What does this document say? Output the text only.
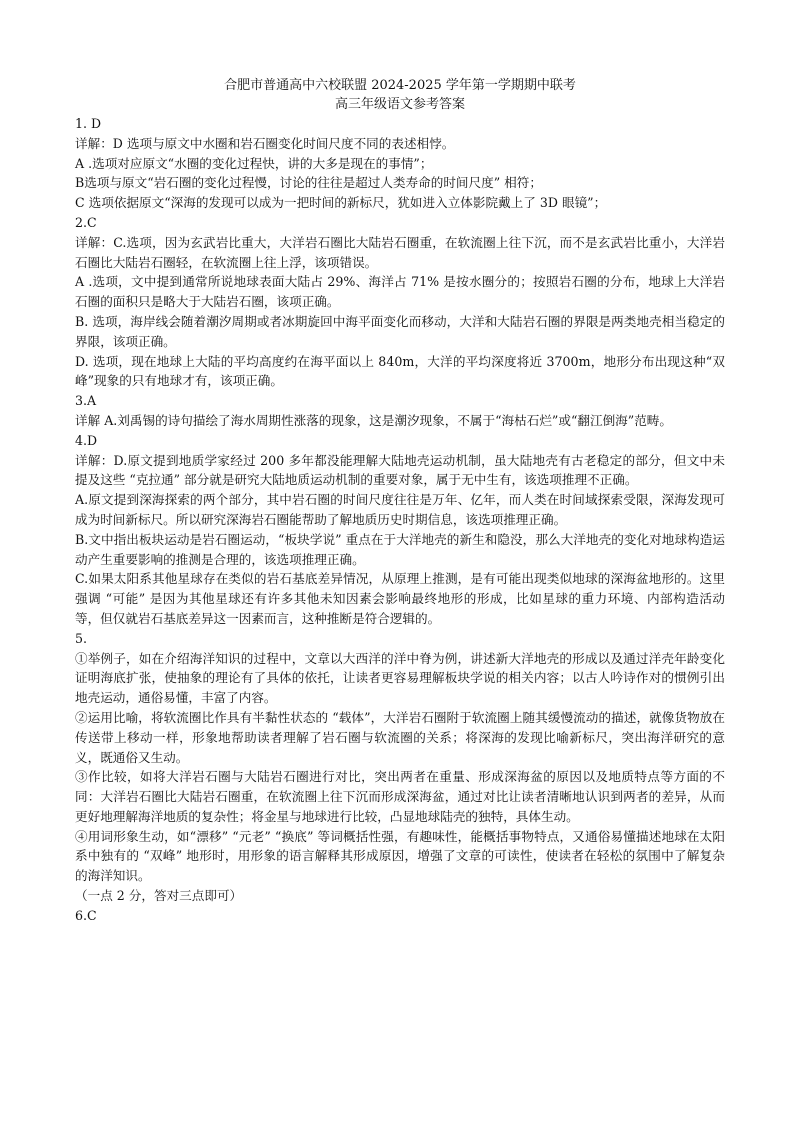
合肥市普通高中六校联盟 2024-2025 学年第一学期期中联考

高三年级语文参考答案

1. D

详解：D 选项与原文中水圈和岩石圈变化时间尺度不同的表述相悖。

A .选项对应原文“水圈的变化过程快，讲的大多是现在的事情”；

B选项与原文“岩石圈的变化过程慢，讨论的往往是超过人类寿命的时间尺度” 相符；

C 选项依据原文“深海的发现可以成为一把时间的新标尺，犹如进入立体影院戴上了 3D 眼镜”；

2.C

详解：C.选项，因为玄武岩比重大，大洋岩石圈比大陆岩石圈重，在软流圈上往下沉，而不是玄武岩比重小，大洋岩石圈比大陆岩石圈轻，在软流圈上往上浮，该项错误。

A .选项，文中提到通常所说地球表面大陆占 29%、海洋占 71% 是按水圈分的；按照岩石圈的分布，地球上大洋岩石圈的面积只是略大于大陆岩石圈，该项正确。

B. 选项，海岸线会随着潮汐周期或者冰期旋回中海平面变化而移动，大洋和大陆岩石圈的界限是两类地壳相当稳定的界限，该项正确。

D. 选项，现在地球上大陆的平均高度约在海平面以上 840m，大洋的平均深度将近 3700m，地形分布出现这种“双峰”现象的只有地球才有，该项正确。

3.A

详解 A.刘禹锡的诗句描绘了海水周期性涨落的现象，这是潮汐现象，不属于“海枯石烂”或“翻江倒海”范畴。

4.D

详解：D.原文提到地质学家经过 200 多年都没能理解大陆地壳运动机制，虽大陆地壳有古老稳定的部分，但文中未提及这些 “克拉通” 部分就是研究大陆地质运动机制的重要对象，属于无中生有，该选项推理不正确。

A.原文提到深海探索的两个部分，其中岩石圈的时间尺度往往是万年、亿年，而人类在时间域探索受限，深海发现可成为时间新标尺。所以研究深海岩石圈能帮助了解地质历史时期信息，该选项推理正确。

B.文中指出板块运动是岩石圈运动，“板块学说” 重点在于大洋地壳的新生和隐没，那么大洋地壳的变化对地球构造运动产生重要影响的推测是合理的，该选项推理正确。

C.如果太阳系其他星球存在类似的岩石基底差异情况，从原理上推测，是有可能出现类似地球的深海盆地形的。这里强调 “可能” 是因为其他星球还有许多其他未知因素会影响最终地形的形成，比如星球的重力环境、内部构造活动等，但仅就岩石基底差异这一因素而言，这种推断是符合逻辑的。

5.

①举例子，如在介绍海洋知识的过程中，文章以大西洋的洋中脊为例，讲述新大洋地壳的形成以及通过洋壳年龄变化证明海底扩张，使抽象的理论有了具体的依托，让读者更容易理解板块学说的相关内容；以古人吟诗作对的惯例引出地壳运动，通俗易懂，丰富了内容。

②运用比喻，将软流圈比作具有半黏性状态的 “载体”，大洋岩石圈附于软流圈上随其缓慢流动的描述，就像货物放在传送带上移动一样，形象地帮助读者理解了岩石圈与软流圈的关系；将深海的发现比喻新标尺，突出海洋研究的意义，既通俗又生动。

③作比较，如将大洋岩石圈与大陆岩石圈进行对比，突出两者在重量、形成深海盆的原因以及地质特点等方面的不同：大洋岩石圈比大陆岩石圈重，在软流圈上往下沉而形成深海盆，通过对比让读者清晰地认识到两者的差异，从而更好地理解海洋地质的复杂性；将金星与地球进行比较，凸显地球陆壳的独特，具体生动。

④用词形象生动，如“漂移” “元老” “换底” 等词概括性强，有趣味性，能概括事物特点，又通俗易懂描述地球在太阳系中独有的 “双峰” 地形时，用形象的语言解释其形成原因，增强了文章的可读性，使读者在轻松的氛围中了解复杂的海洋知识。

（一点 2 分，答对三点即可）

6.C
